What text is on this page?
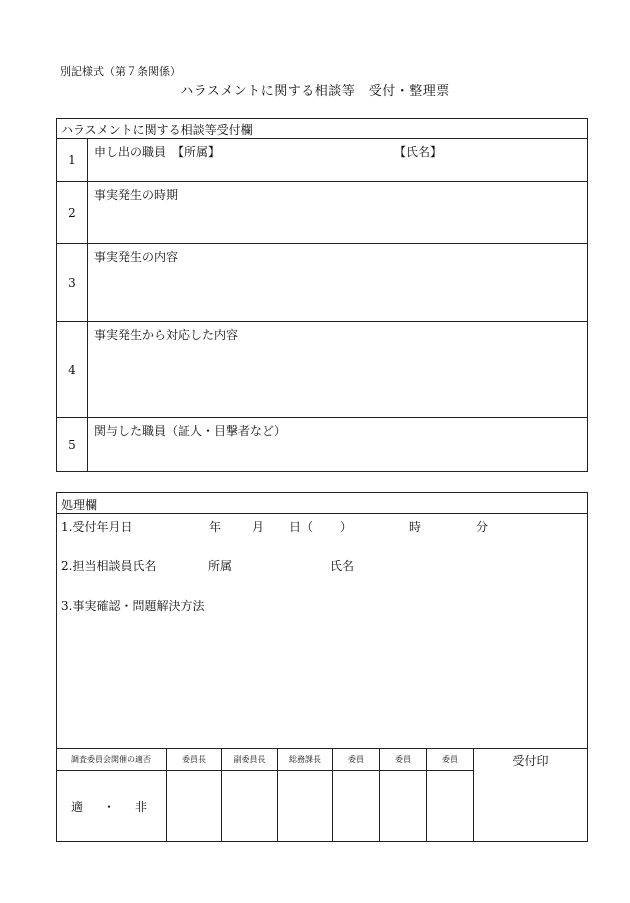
別記様式（第７条関係）
ハラスメントに関する相談等　受付・整理票
ハラスメントに関する相談等受付欄
1
申し出の職員　【所属】	【氏名】
2
事実発生の時期
3
事実発生の内容
4
事実発生から対応した内容
5
関与した職員（証人・目撃者など）
処理欄
1.受付年月日	年	月 日（ ）	時	分
2.担当相談員氏名	所属	氏名
3.事実確認・問題解決方法
調査委員会開催の適否	委員長	副委員長	総務課長	委員	委員	委員	受付印
適　・　非
